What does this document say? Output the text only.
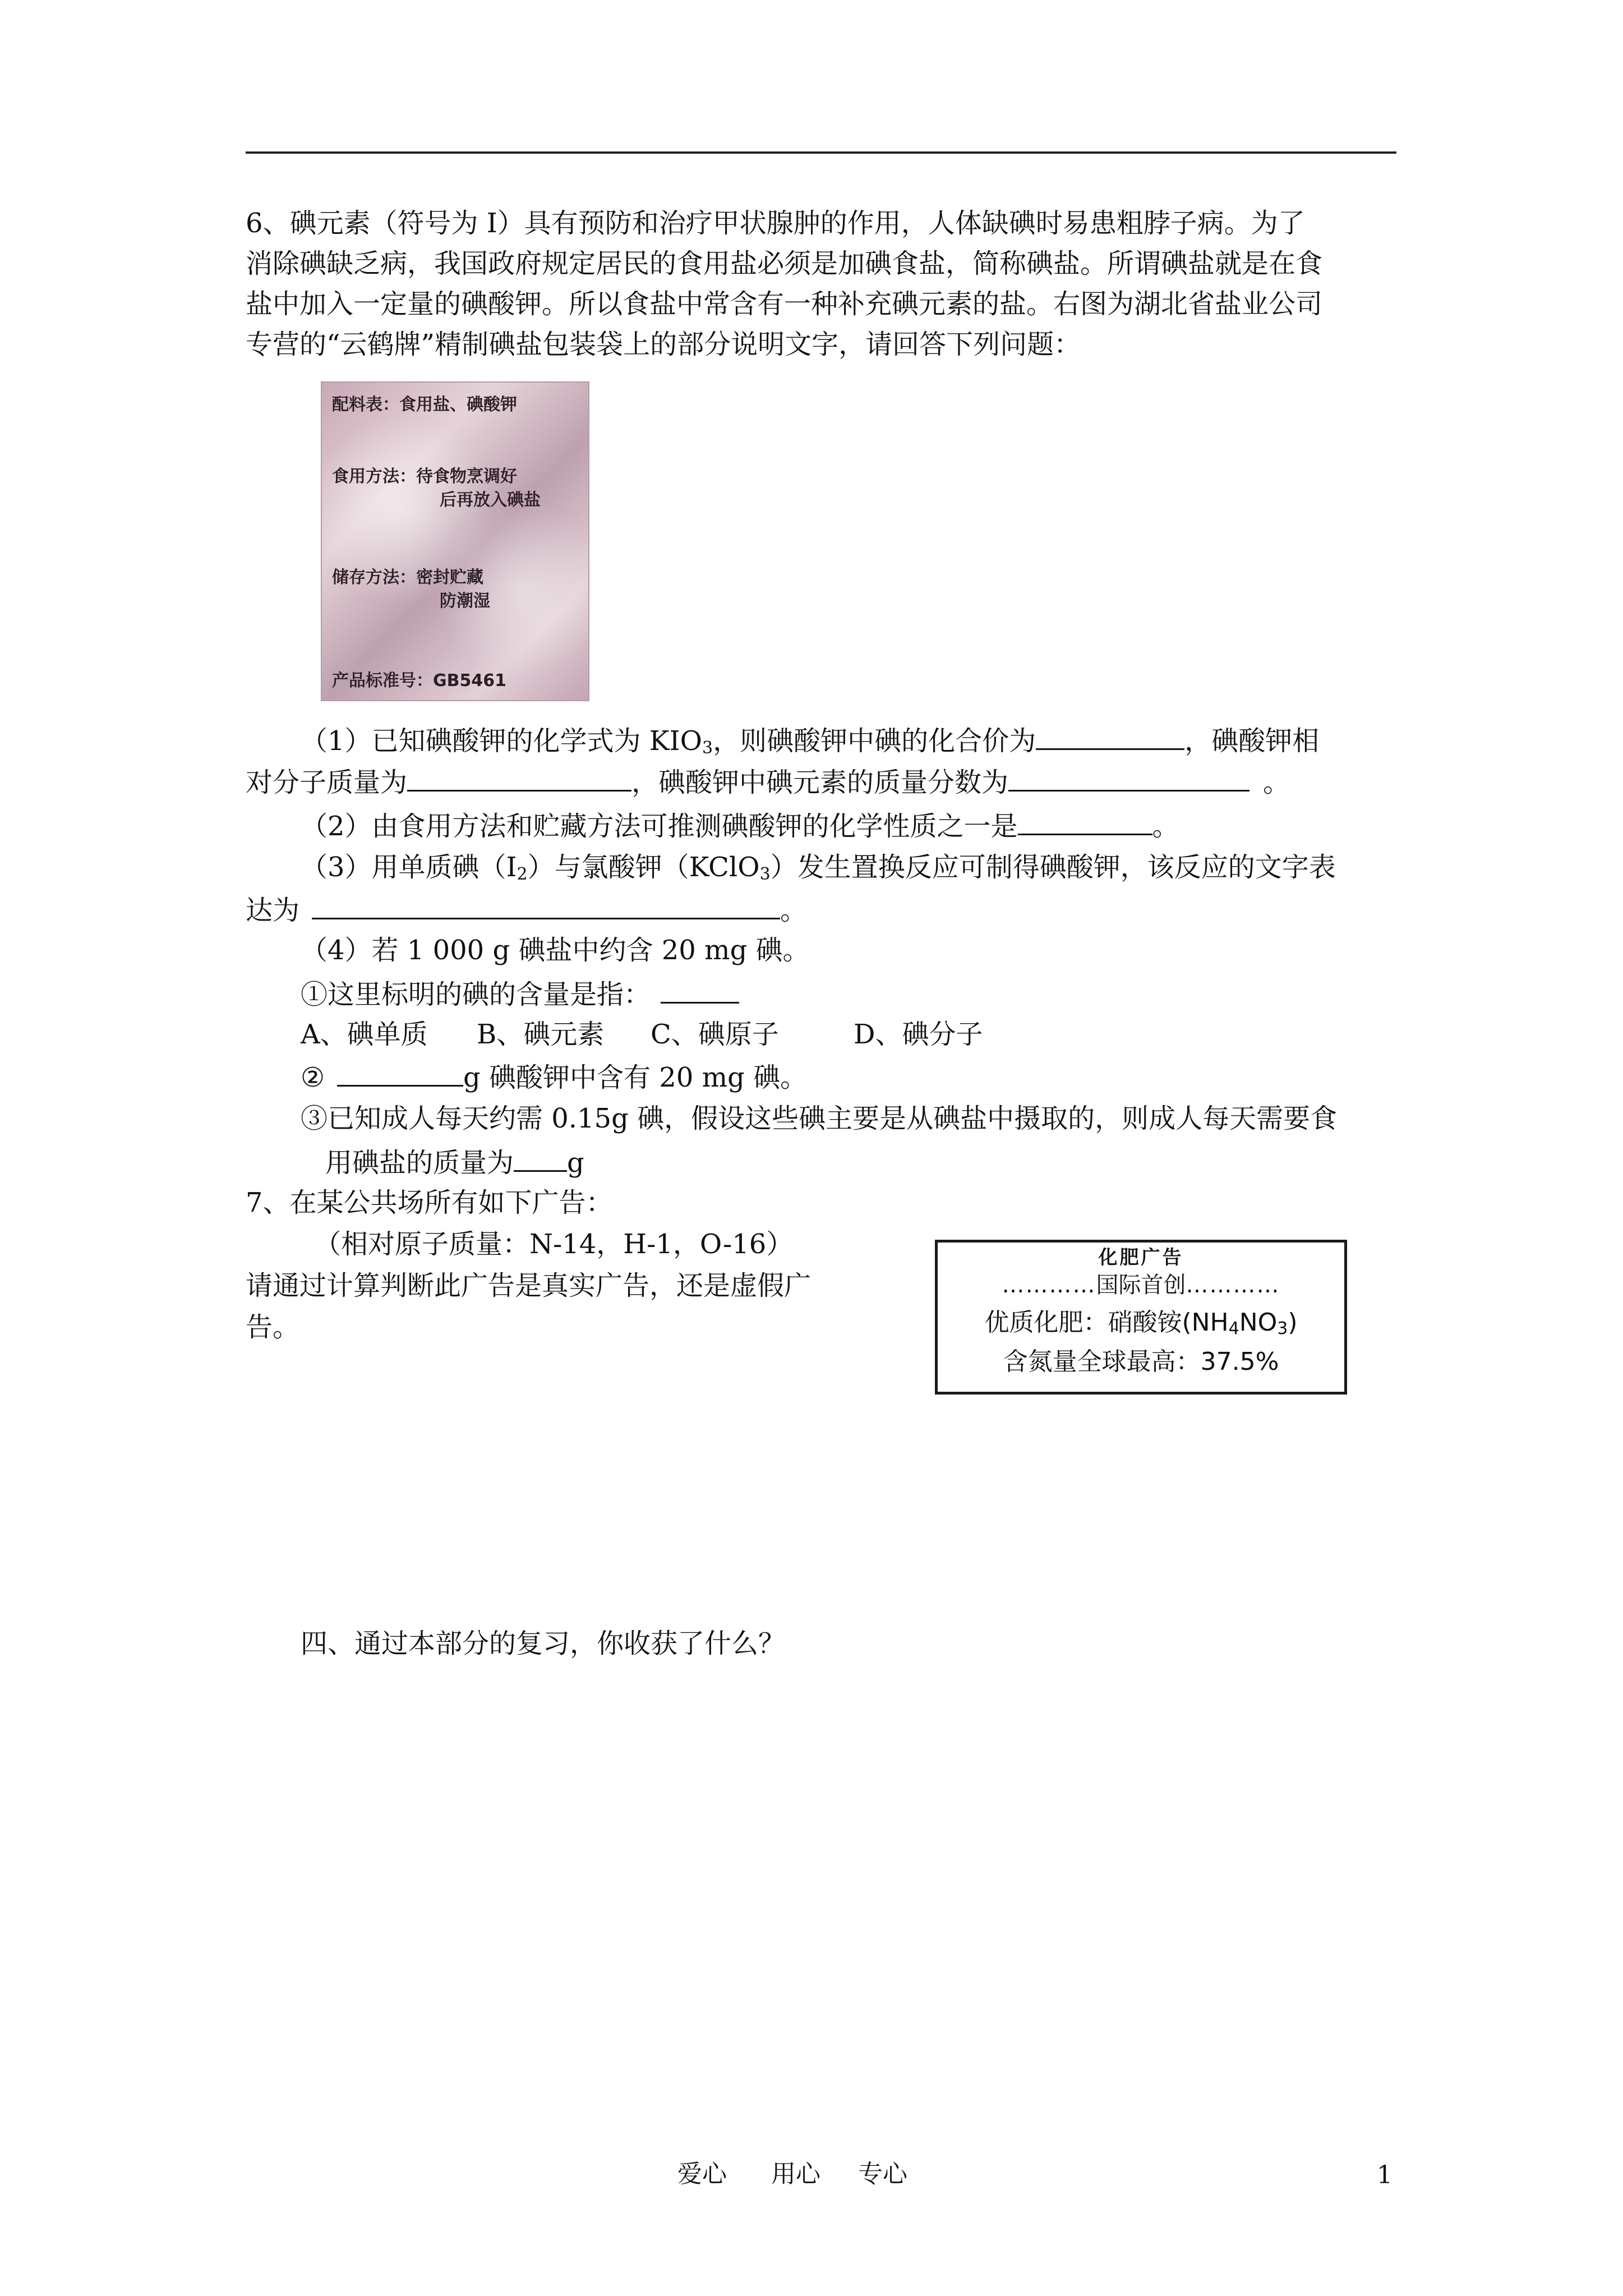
6、碘元素（符号为 I）具有预防和治疗甲状腺肿的作用，人体缺碘时易患粗脖子病。为了
消除碘缺乏病，我国政府规定居民的食用盐必须是加碘食盐，简称碘盐。所谓碘盐就是在食
盐中加入一定量的碘酸钾。所以食盐中常含有一种补充碘元素的盐。右图为湖北省盐业公司
专营的“云鹤牌”精制碘盐包装袋上的部分说明文字，请回答下列问题：
配料表：食用盐、碘酸钾
食用方法：待食物烹调好
后再放入碘盐
储存方法：密封贮藏
防潮湿
产品标准号：GB5461
（1）已知碘酸钾的化学式为 $KIO_3$，则碘酸钾中碘的化合价为	，碘酸钾相
对分子质量为	，碘酸钾中碘元素的质量分数为	。
（2）由食用方法和贮藏方法可推测碘酸钾的化学性质之一是	。
（3）用单质碘$(I_2)$与氯酸钾（KClO$_3$）发生置换反应可制得碘酸钾，该反应的文字表
达为	。
（4）若 1 000 g 碘盐中约含 20 mg 碘。
①这里标明的碘的含量是指：
A、碘单质 B、碘元素 C、碘原子	D、碘分子
②	g 碘酸钾中含有 20 mg 碘。
③已知成人每天约需 0.15g 碘，假设这些碘主要是从碘盐中摄取的，则成人每天需要食
用碘盐的质量为 g
7、在某公共场所有如下广告：
（相对原子质量：N-14，H-1，O-16）
请通过计算判断此广告是真实广告，还是虚假广
告。
化肥广告
…………国际首创…………
优质化肥：硝酸铵$(NH_4NO_3)$
含氮量全球最高：37.5%
四、通过本部分的复习，你收获了什么？
爱心 用心 专心	1
